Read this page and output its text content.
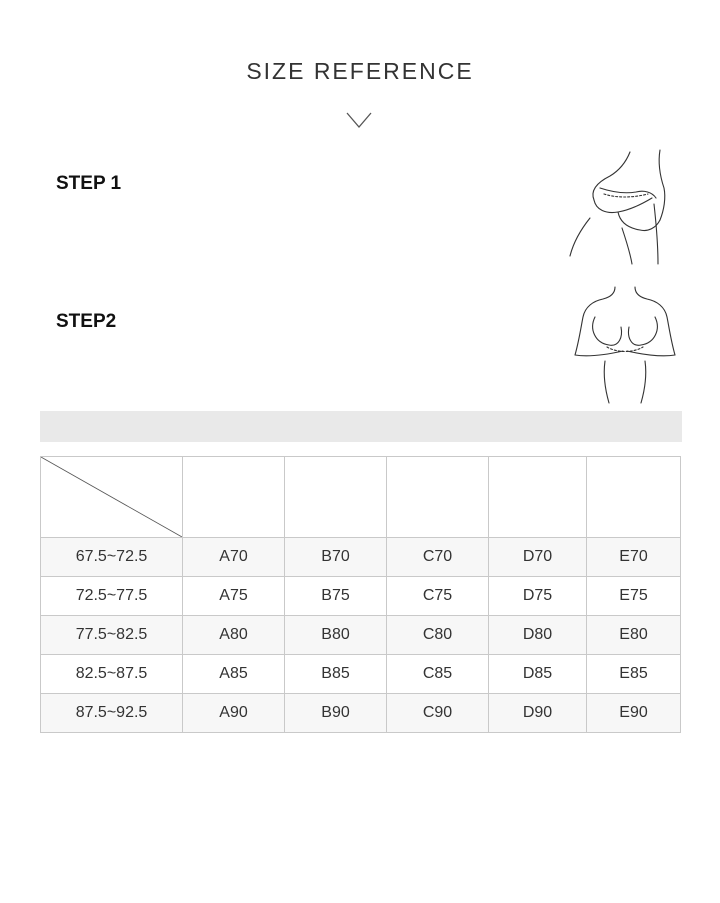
SIZE REFERENCE
STEP 1
STEP2

67.5~72.5	A70	B70	C70	D70	E70
72.5~77.5	A75	B75	C75	D75	E75
77.5~82.5	A80	B80	C80	D80	E80
82.5~87.5	A85	B85	C85	D85	E85
87.5~92.5	A90	B90	C90	D90	E90
